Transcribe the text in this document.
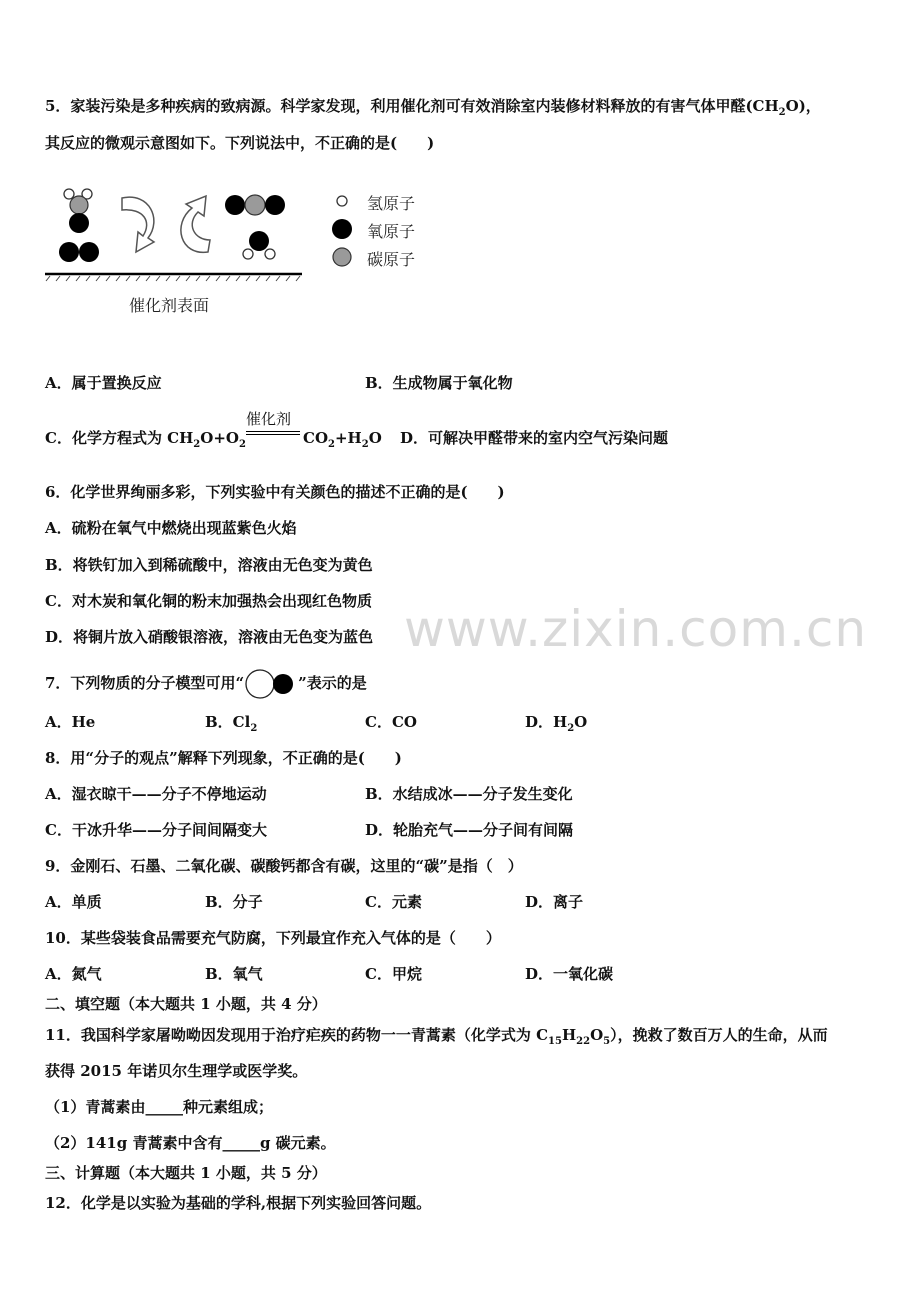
www.zixin.com.cn
5．家装污染是多种疾病的致病源。科学家发现，利用催化剂可有效消除室内装修材料释放的有害气体甲醛$(CH_2O)$，
其反应的微观示意图如下。下列说法中，不正确的是(　　)
氢原子
氧原子
碳原子
催化剂表面
A．属于置换反应	B．生成物属于氧化物
C．化学方程式为 $CH_2O+O_2$
催化剂
$CO_2+H_2O$ D．可解决甲醛带来的室内空气污染问题
6．化学世界绚丽多彩，下列实验中有关颜色的描述不正确的是(　　)
A．硫粉在氧气中燃烧出现蓝紫色火焰
B．将铁钉加入到稀硫酸中，溶液由无色变为黄色
C．对木炭和氧化铜的粉末加强热会出现红色物质
D．将铜片放入硝酸银溶液，溶液由无色变为蓝色
7．下列物质的分子模型可用“	”表示的是
A．He	B．$Cl_2$	C．CO	D．$H_2O$
8．用“分子的观点”解释下列现象，不正确的是(　　)
A．湿衣晾干——分子不停地运动	B．水结成冰——分子发生变化
C．干冰升华——分子间间隔变大	D．轮胎充气——分子间有间隔
9．金刚石、石墨、二氧化碳、碳酸钙都含有碳，这里的“碳”是指（　）
A．单质	B．分子	C．元素	D．离子
10．某些袋装食品需要充气防腐，下列最宜作充入气体的是（　　）
A．氮气	B．氧气	C．甲烷	D．一氧化碳
二、填空题（本大题共 1 小题，共 4 分）
11．我国科学家屠呦呦因发现用于治疗疟疾的药物一一青蒿素（化学式为 $C_{15}H_{22}O_5$），挽救了数百万人的生命，从而
获得 2015 年诺贝尔生理学或医学奖。
（1）青蒿素由_____种元素组成；
（2）141g 青蒿素中含有_____g 碳元素。
三、计算题（本大题共 1 小题，共 5 分）
12．化学是以实验为基础的学科,根据下列实验回答问题。
